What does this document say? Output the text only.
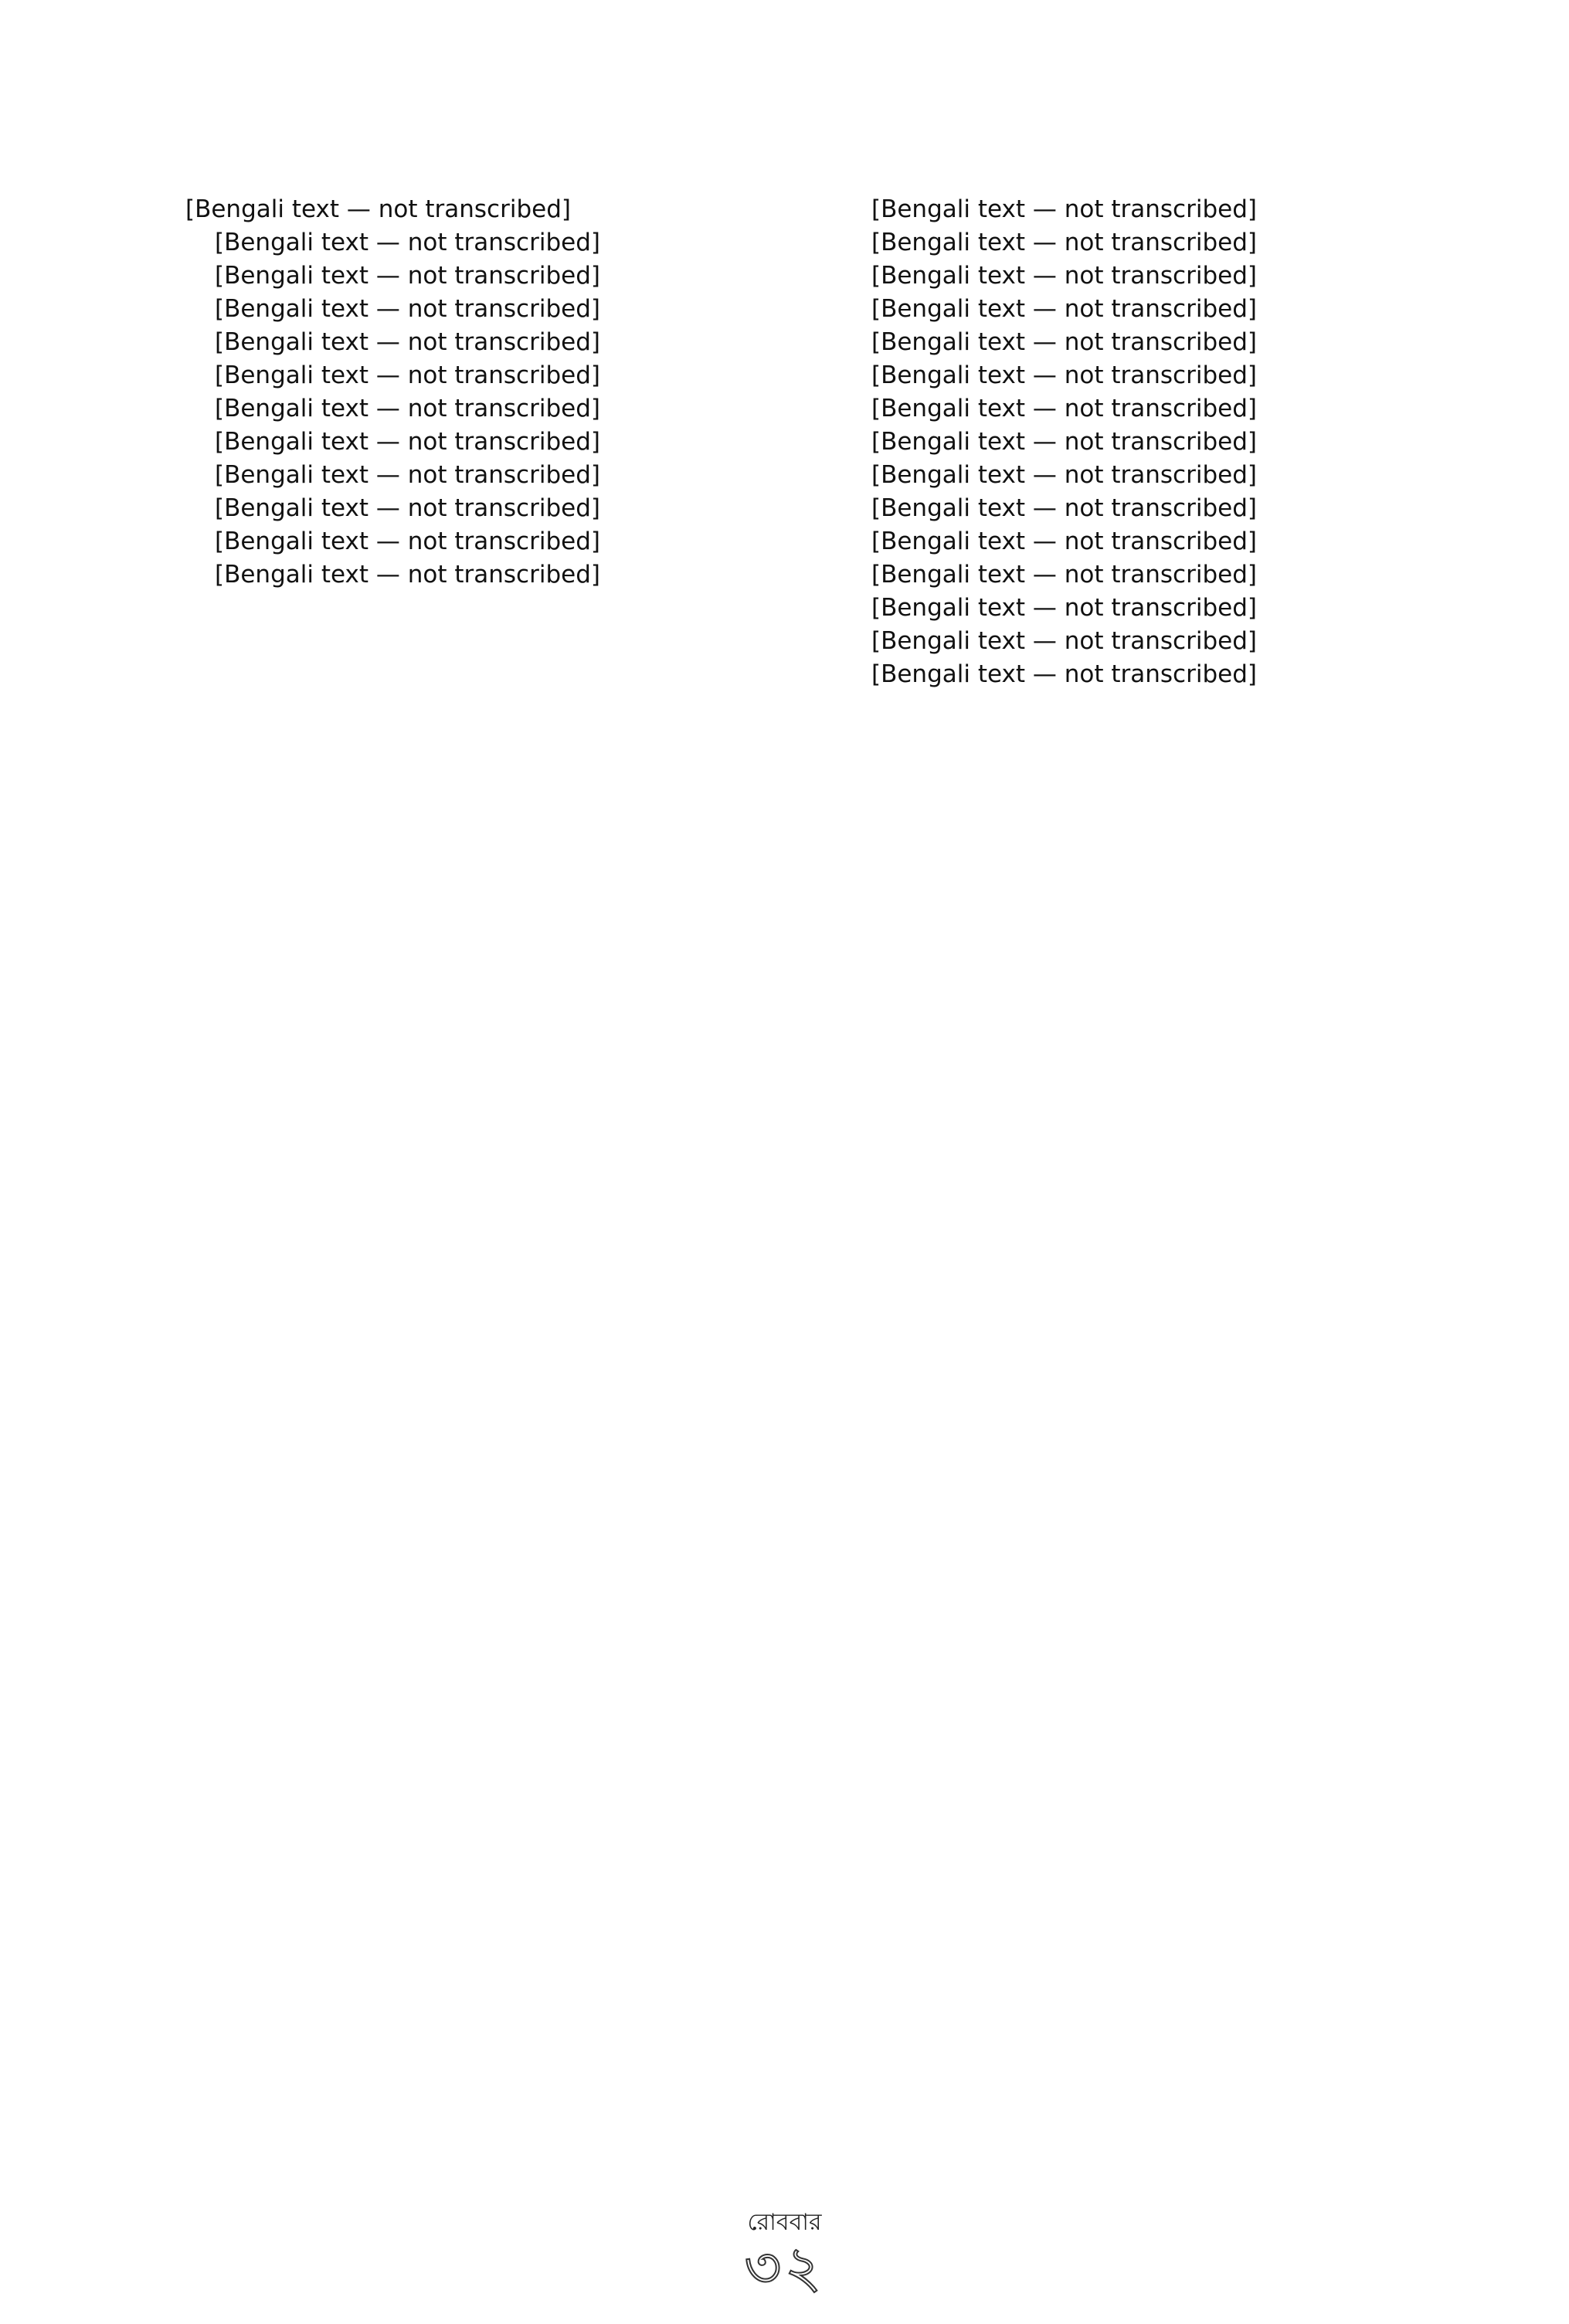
[Bengali text — not transcribed]

[Bengali text — not transcribed]

[Bengali text — not transcribed]

[Bengali text — not transcribed]

[Bengali text — not transcribed]

[Bengali text — not transcribed]

[Bengali text — not transcribed]

[Bengali text — not transcribed]

[Bengali text — not transcribed]

[Bengali text — not transcribed]

[Bengali text — not transcribed]

[Bengali text — not transcribed]

[Bengali text — not transcribed]

[Bengali text — not transcribed]

[Bengali text — not transcribed]

[Bengali text — not transcribed]

[Bengali text — not transcribed]

[Bengali text — not transcribed]

[Bengali text — not transcribed]

[Bengali text — not transcribed]

[Bengali text — not transcribed]

[Bengali text — not transcribed]

[Bengali text — not transcribed]

[Bengali text — not transcribed]

[Bengali text — not transcribed]

[Bengali text — not transcribed]

[Bengali text — not transcribed]

রোববার
৩২
